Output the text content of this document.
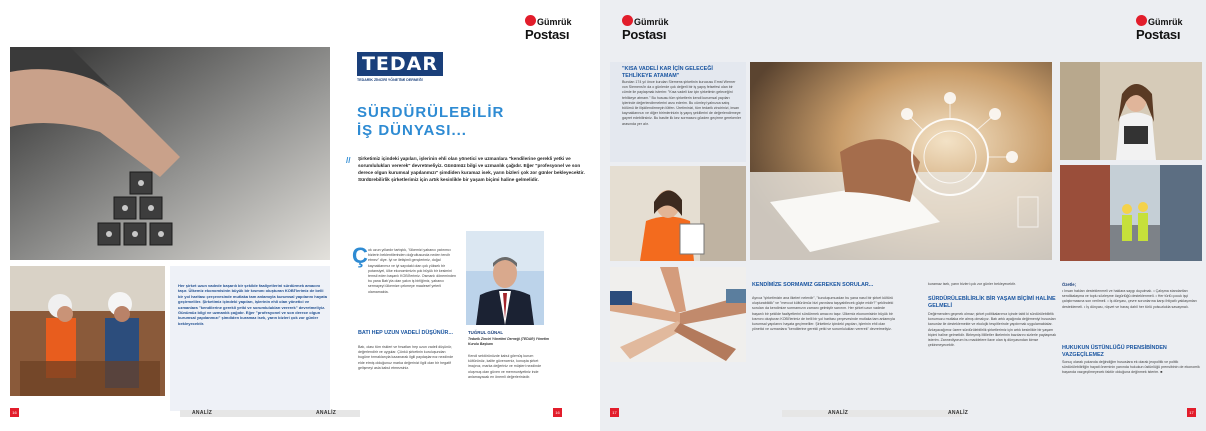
Gümrük
Postası
Her şirket uzun vadede başarılı bir şekilde faaliyetlerini sürdürmek amacını taşır. Ülkemiz ekonomisinin büyük bir kısmını oluşturan KOBİ'lerimiz de belli bir yol haritası çerçevesinde mutlaka tam anlamıyla kurumsal yapılarını hayata geçirmeliler. Şirketimiz içindeki yapıları, işlerinin ehli olan yönetici ve uzmanlara "kendilerine gerekli yetki ve sorumlulukları vererek" devretmeliyiz. Günümüz bilgi ve uzmanlık çağıdır. Eğer "profesyonel ve son derece olgun kurumsal yapılanmızı" şimdiden kuramaz isek, yarın bizleri çok zor günler bekleyecektir.
TEDAR
TEDARİK ZİNCİRİ YÖNETİMİ DERNEĞİ
SÜRDÜRÜLEBİLİR
İŞ DÜNYASI...
// Şirketimiz içindeki yapıları, işlerinin ehli olan yönetici ve uzmanlara "kendilerine gerekli yetki ve sorumlulukları vererek" devretmeliyiz. Günümüz bilgi ve uzmanlık çağıdır. Eğer "profesyonel ve son derece olgun kurumsal yapılanmızı" şimdiden kuramaz isek, yarın bizleri çok zor günler bekleyecektir. Sürdürebilirlik şirketlerimiz için artık kesinlikle bir yaşam biçimi haline gelmelidir.
Ç ok uzun yıllardır tartıştık, "ülkemizi yabancı yatırımcı bizlerin beklentilerinden doğrultusunda neden tercih etmez" diye. İyi ve iletişimli gençlerimiz, doğal kaynaklarımız ve iyi sayıdaki olan çok yüksek bir potansiyel, ülke ekonomimizin çok büyük bir kesimini temsil eden başarılı KOBİ'lerimiz. Osmanlı döneminden bu yana Batı'yla olan yakın iş birliğimiz, yabancı sermayeyi ülkemize çekmeye maalesef yeterli olamamakta.
BATI HEP UZUN VADELİ DÜŞÜNÜR...
Batı, olası tüm riskleri ve fırsatları hep uzun vadeli düşünür, değerlendirir ve uygular. Çünkü şirketinin kuruluşundan bugüne tırmaklarıyla kazanarak ilgili paydaşlarınız nezdinde elde etmiş olduğunuz marka değerinizi ilgili olan bir hegatif gelişmeyi asla kabul etmezsiniz.
TUĞRUL GÜNAL
Tedarik Zinciri Yönetimi Derneği (TEDAR) Yönetim Kurulu Başkanı
Kendi sektörünüzde kabul görmüş kurum kültürünüz, kalite güvenceniz, konuşta şirket imajınız, marka değeriniz ve müşteri nezdinde oluşmuş olan güven ve memnuniyetiniz inde anlamayacak en önemli değerlerinizdir.
16	ANALİZ	ANALİZ	16
Gümrük
Postası
Gümrük
Postası
"KISA VADELİ KAR İÇİN GELECEĞİ TEHLİKEYE ATAMAM"
Bundan 174 yıl önce kurulan Siemens şirketinin kurucusu Ernst Werner von Siemens'in da o günlerde çok değerli bir iş yapış felsefesi olan bir cümle ile paylaşmak isterim: "Kısa vadeli kar için şirketimin geleceğini tehlikeye atmam." Bu hususu tüm şirketlerin kendi kurumsal yapıları içlerinde değerlendirmelerini arzu ederim. Bu cümleyi yalnızca satış bölümü ile ilişkilendirmeyin lütfen. Üretiminizi, tüm tedarik zincirinizi, insan kaynaklarınızı ve diğer birimlerinizin iş yapış şekillerini de değerlendirmeye gayret edebilirsiniz. Bu basite ilk kez sormasını gözden geçirme gerekenler arasında yer alır.
KENDİMİZE SORMAMIZ GEREKEN SORULAR...
Ayrıca "şirketimizin ana ilkeleri nelerdir", "kuruluşumuzdan bu yana nasıl bir şirket kültürü oluşturabildik" ve "mevcut kültürümüz bizi yarınlara taşıyabilecek güçte midir?" şeklindeki soruları da kendimize sormamızın zamanı gelmiştir sanırım. Her şirket uzun vadede başarılı bir şekilde faaliyetlerini sürdürmek amacını taşır. Ülkemiz ekonomisinin büyük bir kısmını oluşturan KOBİ'lerimiz de belli bir yol haritası çerçevesinde mutlaka tam anlamıyla kurumsal yapılarını hayata geçirmeliler. Şirketimiz içindeki yapıları, işlerinin ehli olan yönetici ve uzmanlara "kendilerine gerekli yetki ve sorumlulukları vererek" devretmeliyiz.
kuramaz isek, yarın bizleri çok zor günler bekleyecektir.
SÜRDÜRÜLEBİLİRLİK BİR YAŞAM BİÇİMİ HALİNE GELMELİ
Değirmenden geçmek olmaz; şirket politikalarımız içinde tabii ki sürdürülebilirlik konumuzu mutlaka ele almış olmalıyız. Batı artık ayağında değirmeniyi hususları kanunlar ile desteklemekte ve ekolojik tespitlerinde yapılırmak uygulamaktalar. Anlayacağımız üzere sürdürülebilirlik şirketlerimiz için artık kesinlikle bir yaşam biçimi haline gelmelidir. Birleşmiş Milletler ilkelerinin bazılarını sizlerle paylaşmak isterim. Zannediyorum bu maddelere ilave olan iş dünyasından kimse çekinmeyecektir.
Özetle;
• İnsan hakları desteklenmeli ve haklara saygı duyulmalı. • Çalışma standartları sendikalaşma ve toplu sözleşme özgürlüğü desteklenmeli. • Her türlü çocuk işçi çalıştırmasına son verilmeli. • İş dünyası, çevre sorunlarına karşı ihtiyatlı yaklaşımları desteklemeli. • İş dünyası, rüşvet ve haraç dahil her türlü yolsuzlukla savaşmalı.
HUKUKUN ÜSTÜNLÜĞÜ PRENSİBİNDEN VAZGEÇİLEMEZ
Sonuç olarak yukarıda değindiğim hususlara ek olarak jeopolitik ve politik sürdürülebilirliğin hayati öneminin yanında hukukun üstünlüğü prensibinin de ekonomik başarıda vazgeçilmeyecek faktör olduğuna değinmek isterim. ■
17	ANALİZ	ANALİZ	17
